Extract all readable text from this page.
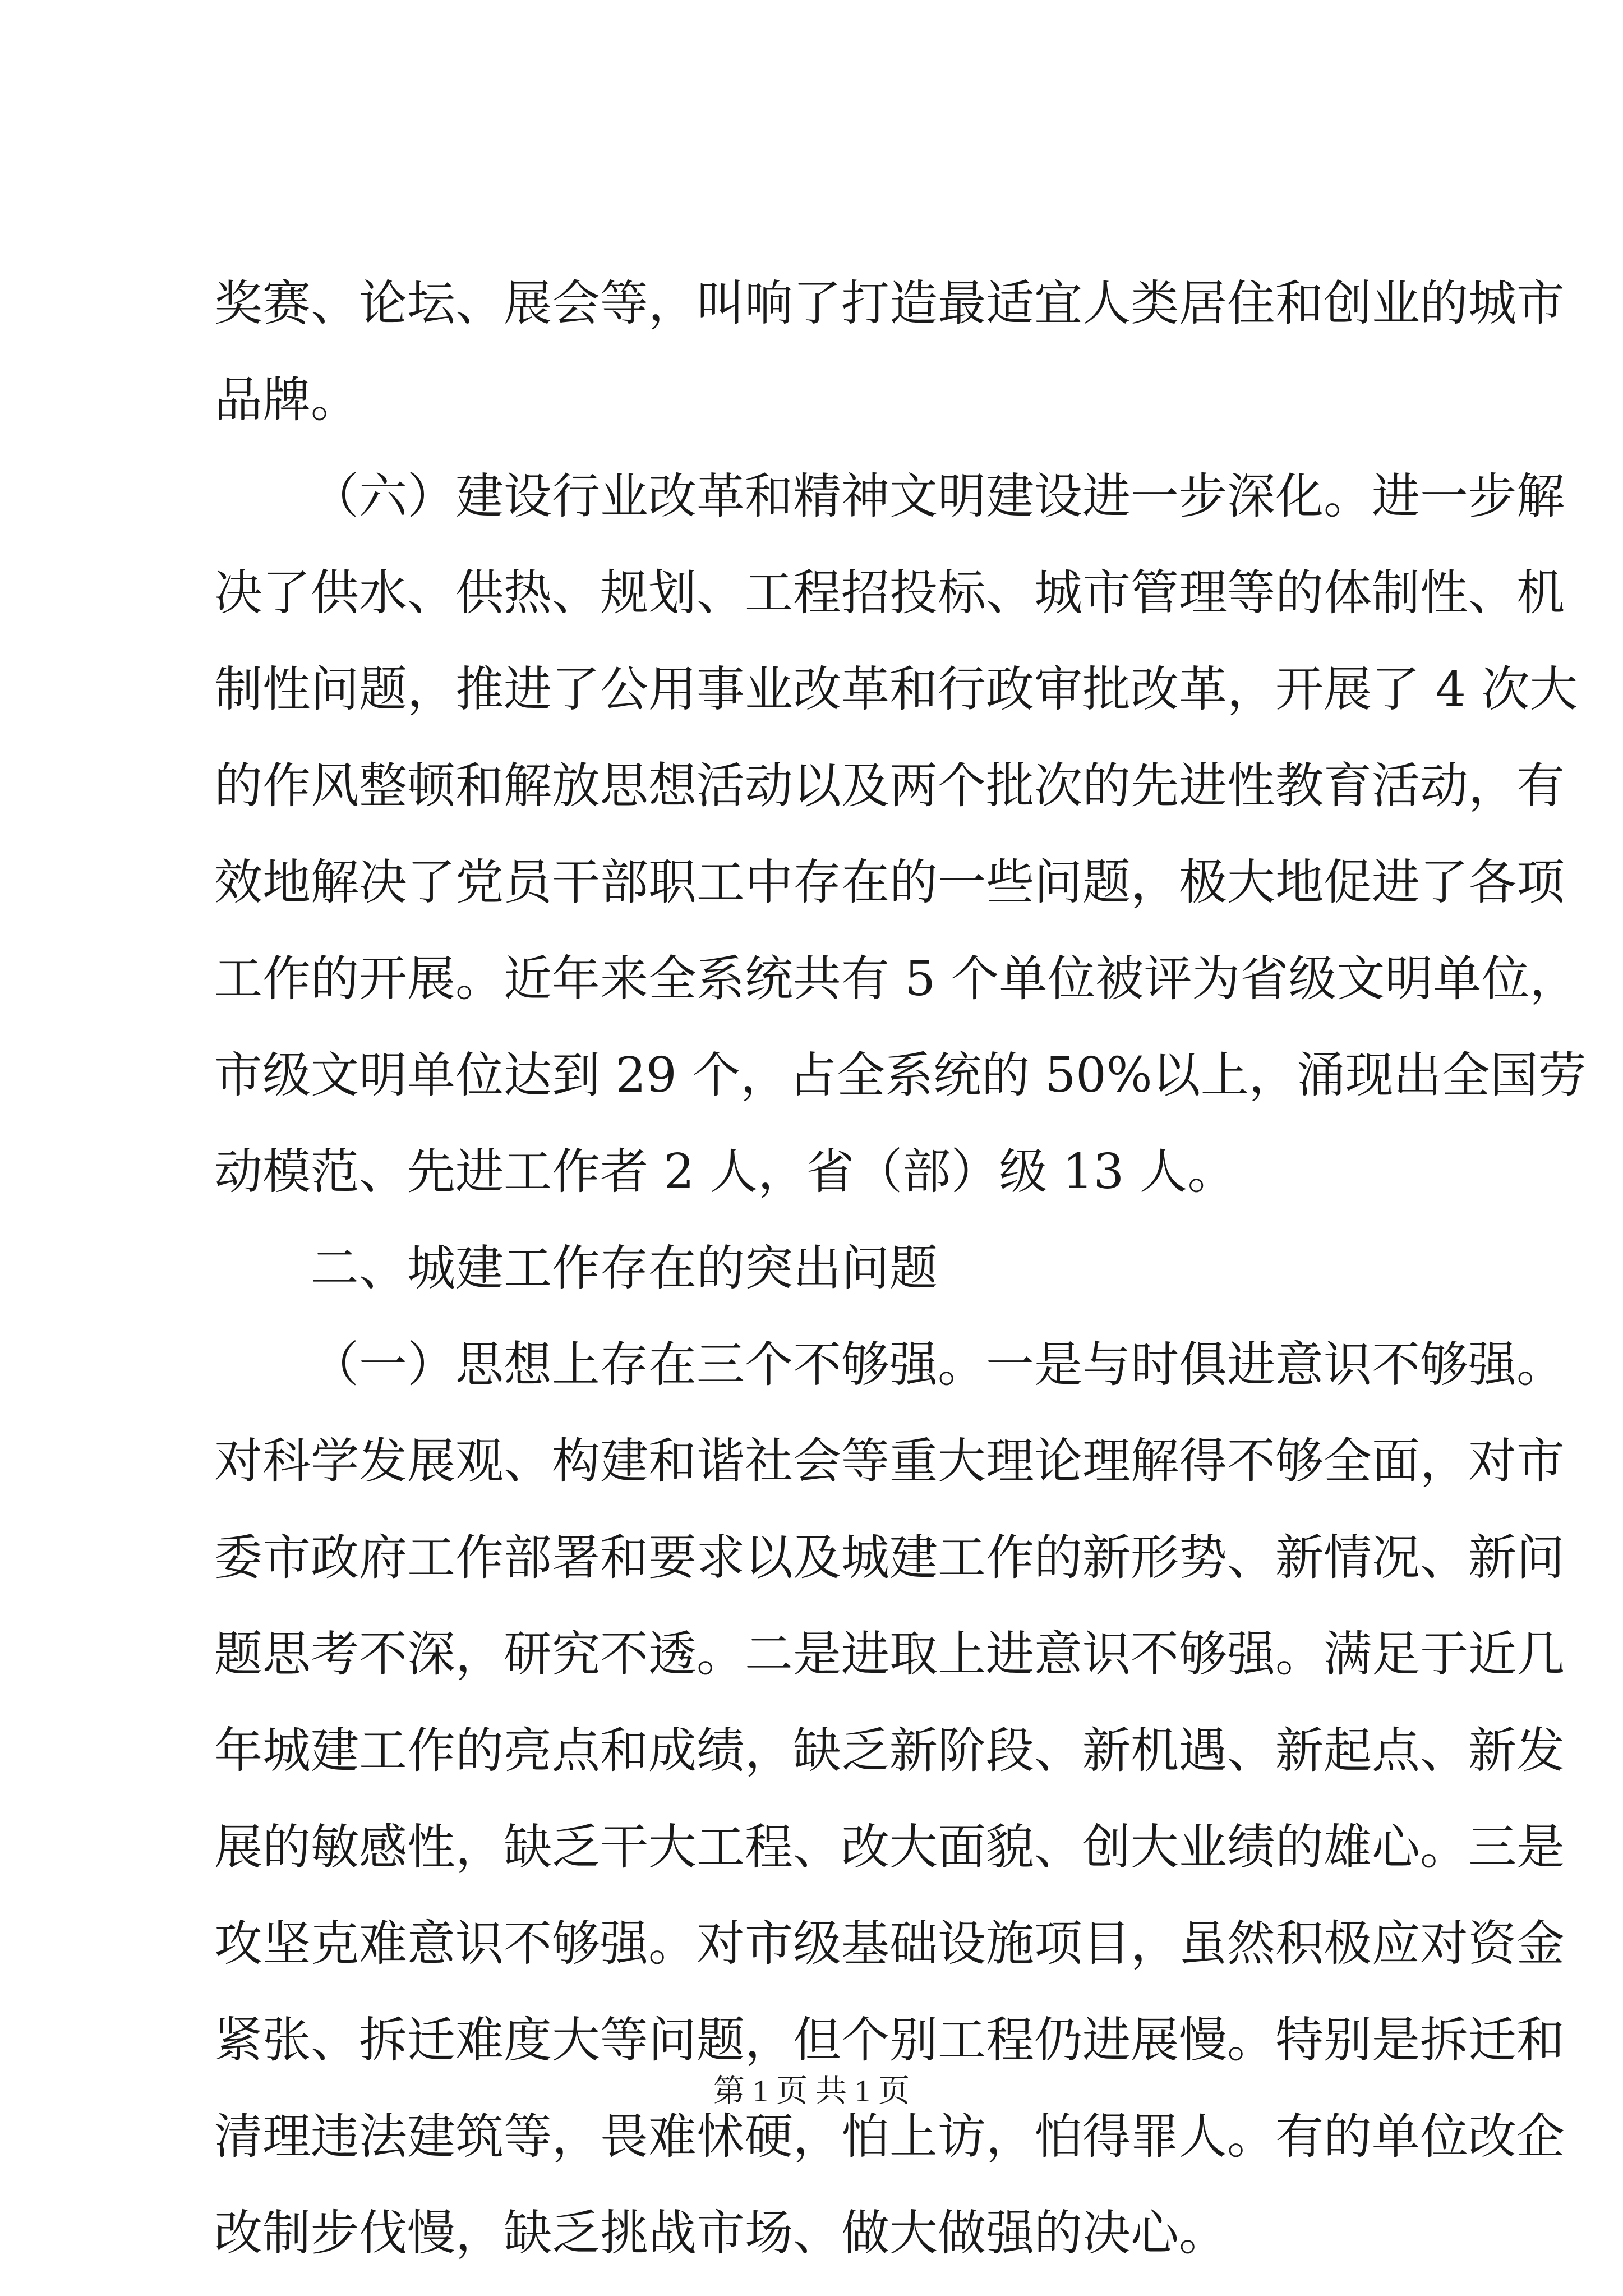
奖赛、论坛、展会等，叫响了打造最适宜人类居住和创业的城市
品牌。
（六）建设行业改革和精神文明建设进一步深化。进一步解
决了供水、供热、规划、工程招投标、城市管理等的体制性、机
制性问题，推进了公用事业改革和行政审批改革，开展了 4 次大
的作风整顿和解放思想活动以及两个批次的先进性教育活动，有
效地解决了党员干部职工中存在的一些问题，极大地促进了各项
工作的开展。近年来全系统共有 5 个单位被评为省级文明单位，
市级文明单位达到 29 个，占全系统的 50%以上，涌现出全国劳
动模范、先进工作者 2 人，省（部）级 13 人。
二、城建工作存在的突出问题
（一）思想上存在三个不够强。一是与时俱进意识不够强。
对科学发展观、构建和谐社会等重大理论理解得不够全面，对市
委市政府工作部署和要求以及城建工作的新形势、新情况、新问
题思考不深，研究不透。二是进取上进意识不够强。满足于近几
年城建工作的亮点和成绩，缺乏新阶段、新机遇、新起点、新发
展的敏感性，缺乏干大工程、改大面貌、创大业绩的雄心。三是
攻坚克难意识不够强。对市级基础设施项目，虽然积极应对资金
紧张、拆迁难度大等问题，但个别工程仍进展慢。特别是拆迁和
清理违法建筑等，畏难怵硬，怕上访，怕得罪人。有的单位改企
改制步伐慢，缺乏挑战市场、做大做强的决心。
第 1 页 共 1 页
